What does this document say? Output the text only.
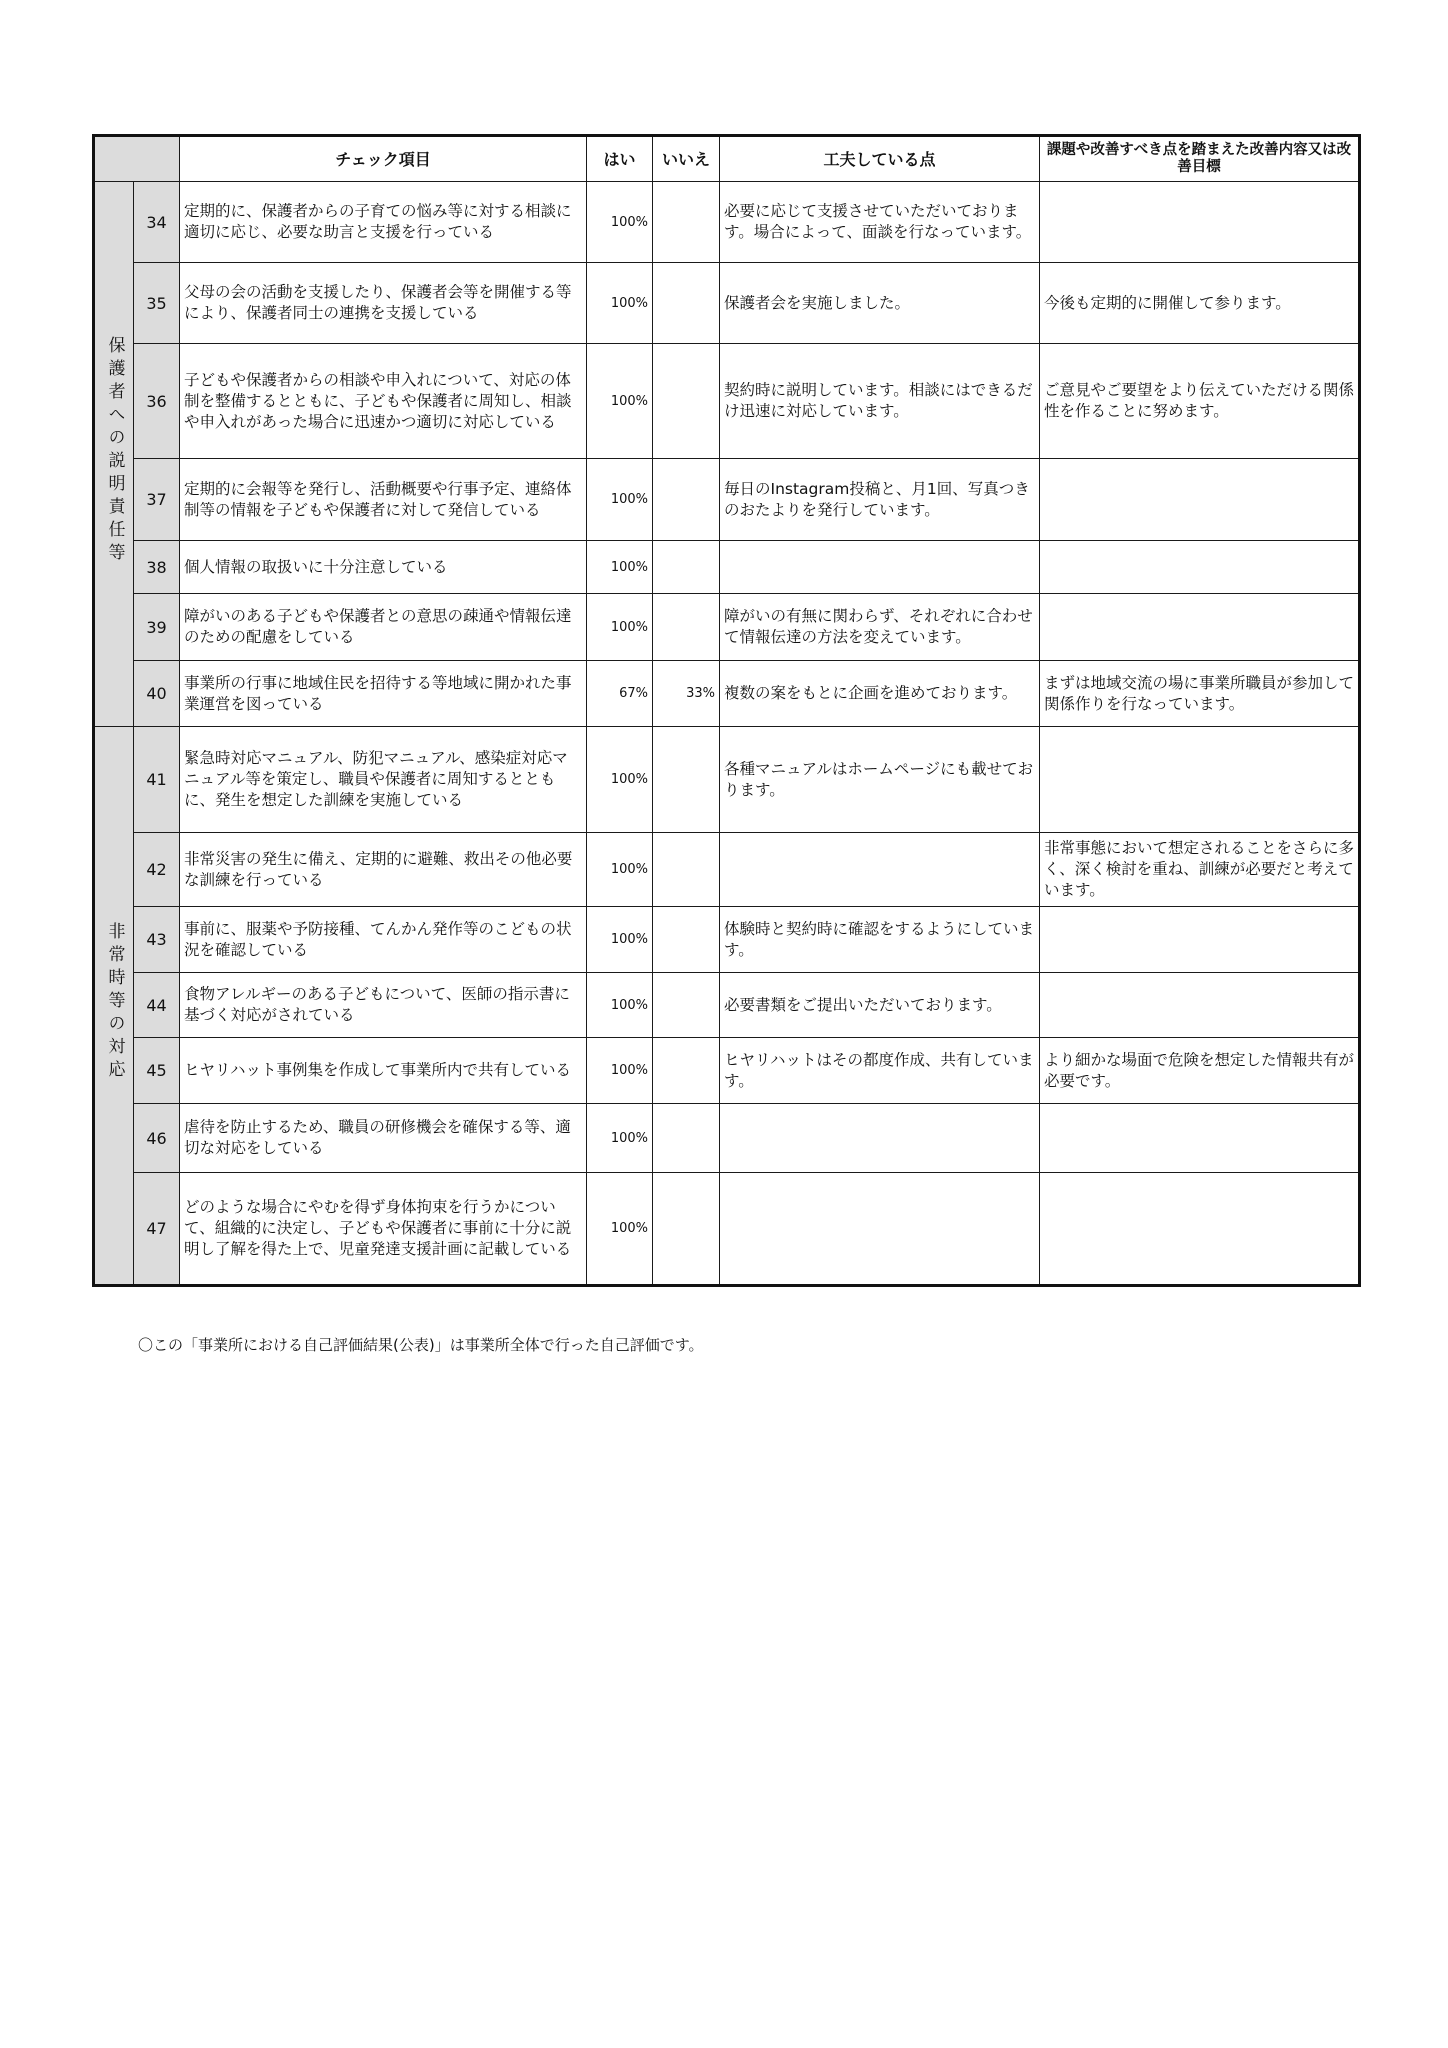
		チェック項目	はい	いいえ	工夫している点	課題や改善すべき点を踏まえた改善内容又は改善目標
保護者への説明責任等	34	定期的に、保護者からの子育ての悩み等に対する相談に適切に応じ、必要な助言と支援を行っている	100%		必要に応じて支援させていただいております。場合によって、面談を行なっています。	
	35	父母の会の活動を支援したり、保護者会等を開催する等により、保護者同士の連携を支援している	100%		保護者会を実施しました。	今後も定期的に開催して参ります。
	36	子どもや保護者からの相談や申入れについて、対応の体制を整備するとともに、子どもや保護者に周知し、相談や申入れがあった場合に迅速かつ適切に対応している	100%		契約時に説明しています。相談にはできるだけ迅速に対応しています。	ご意見やご要望をより伝えていただける関係性を作ることに努めます。
	37	定期的に会報等を発行し、活動概要や行事予定、連絡体制等の情報を子どもや保護者に対して発信している	100%		毎日のInstagram投稿と、月1回、写真つきのおたよりを発行しています。	
	38	個人情報の取扱いに十分注意している	100%			
	39	障がいのある子どもや保護者との意思の疎通や情報伝達のための配慮をしている	100%		障がいの有無に関わらず、それぞれに合わせて情報伝達の方法を変えています。	
	40	事業所の行事に地域住民を招待する等地域に開かれた事業運営を図っている	67%	33%	複数の案をもとに企画を進めております。	まずは地域交流の場に事業所職員が参加して関係作りを行なっています。
非常時等の対応	41	緊急時対応マニュアル、防犯マニュアル、感染症対応マニュアル等を策定し、職員や保護者に周知するとともに、発生を想定した訓練を実施している	100%		各種マニュアルはホームページにも載せております。	
	42	非常災害の発生に備え、定期的に避難、救出その他必要な訓練を行っている	100%			非常事態において想定されることをさらに多く、深く検討を重ね、訓練が必要だと考えています。
	43	事前に、服薬や予防接種、てんかん発作等のこどもの状況を確認している	100%		体験時と契約時に確認をするようにしています。	
	44	食物アレルギーのある子どもについて、医師の指示書に基づく対応がされている	100%		必要書類をご提出いただいております。	
	45	ヒヤリハット事例集を作成して事業所内で共有している	100%		ヒヤリハットはその都度作成、共有しています。	より細かな場面で危険を想定した情報共有が必要です。
	46	虐待を防止するため、職員の研修機会を確保する等、適切な対応をしている	100%			
	47	どのような場合にやむを得ず身体拘束を行うかについて、組織的に決定し、子どもや保護者に事前に十分に説明し了解を得た上で、児童発達支援計画に記載している	100%			
〇この「事業所における自己評価結果(公表)」は事業所全体で行った自己評価です。
